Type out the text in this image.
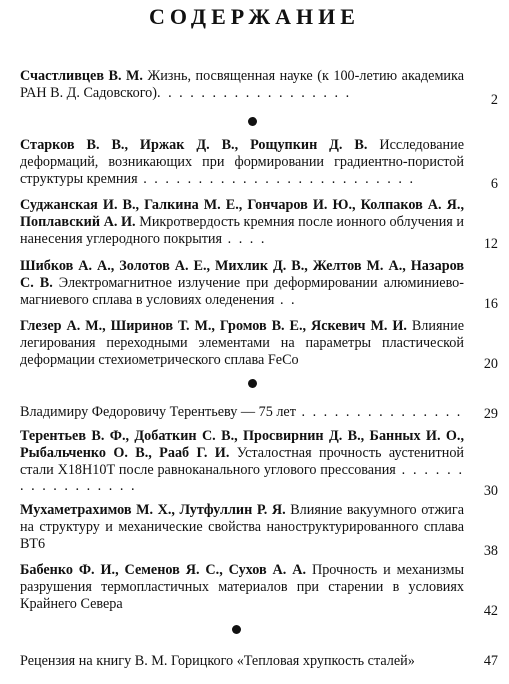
СОДЕРЖАНИЕ
Счастливцев В. М. Жизнь, посвященная науке (к 100-летию академика РАН В. Д. Садовского). . . . . . . . . . . . . . . . . .	2
Старков В. В., Иржак Д. В., Рощупкин Д. В. Исследование деформаций, возникающих при формировании градиентно-пористой структуры кремния . . . . . . . . . . . . . . . . . . . . . . . . .	6
Суджанская И. В., Галкина М. Е., Гончаров И. Ю., Колпаков А. Я., Поплавский А. И. Микротвердость кремния после ионного облучения и нанесения углеродного покрытия . . . .	12
Шибков А. А., Золотов А. Е., Михлик Д. В., Желтов М. А., Назаров С. В. Электромагнитное излучение при деформировании алюминиево-магниевого сплава в условиях оледенения . .	16
Глезер А. М., Ширинов Т. М., Громов В. Е., Яскевич М. И. Влияние легирования переходными элементами на параметры пластической деформации стехиометрического сплава FeCo	20
Владимиру Федоровичу Терентьеву — 75 лет . . . . . . . . . . . . . . .	29
Терентьев В. Ф., Добаткин С. В., Просвирнин Д. В., Банных И. О., Рыбальченко О. В., Рааб Г. И. Усталостная прочность аустенитной стали Х18Н10Т после равноканального углового прессования . . . . . . . . . . . . . . . . .	30
Мухаметрахимов М. Х., Лутфуллин Р. Я. Влияние вакуумного отжига на структуру и механические свойства наноструктурированного сплава ВТ6	38
Бабенко Ф. И., Семенов Я. С., Сухов А. А. Прочность и механизмы разрушения термопластичных материалов при старении в условиях Крайнего Севера	42
Рецензия на книгу В. М. Горицкого «Тепловая хрупкость сталей»	47
